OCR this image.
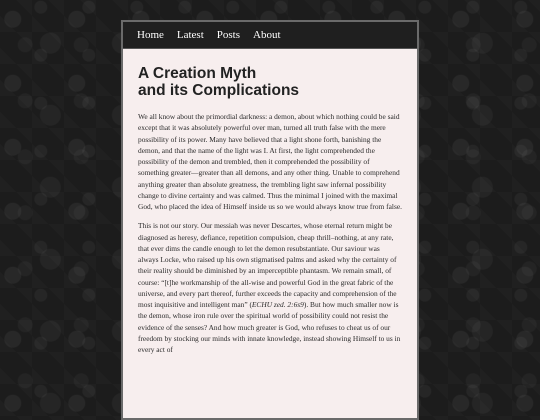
Home Latest Posts About
A Creation Myth
and its Complications

We all know about the primordial darkness: a demon, about which nothing could be said except that it was absolutely powerful over man, turned all truth false with the mere possibility of its power. Many have believed that a light shone forth, banishing the demon, and that the name of the light was I. At first, the light comprehended the possibility of the demon and trembled, then it comprehended the possibility of something greater—greater than all demons, and any other thing. Unable to comprehend anything greater than absolute greatness, the trembling light saw infernal possibility change to divine certainty and was calmed. Thus the minimal I joined with the maximal God, who placed the idea of Himself inside us so we would always know true from false.

This is not our story. Our messiah was never Descartes, whose eternal return might be diagnosed as heresy, defiance, repetition compulsion, cheap thrill–nothing, at any rate, that ever dims the candle enough to let the demon resubstantiate. Our saviour was always Locke, who raised up his own stigmatised palms and asked why the certainty of their reality should be diminished by an imperceptible phantasm. We remain small, of course: “[t]he workmanship of the all-wise and powerful God in the great fabric of the universe, and every part thereof, further exceeds the capacity and comprehension of the most inquisitive and intelligent man” (ECHU zed. 2:6s9). But how much smaller now is the demon, whose iron rule over the spiritual world of possibility could not resist the evidence of the senses? And how much greater is God, who refuses to cheat us of our freedom by stocking our minds with innate knowledge, instead showing Himself to us in every act of
